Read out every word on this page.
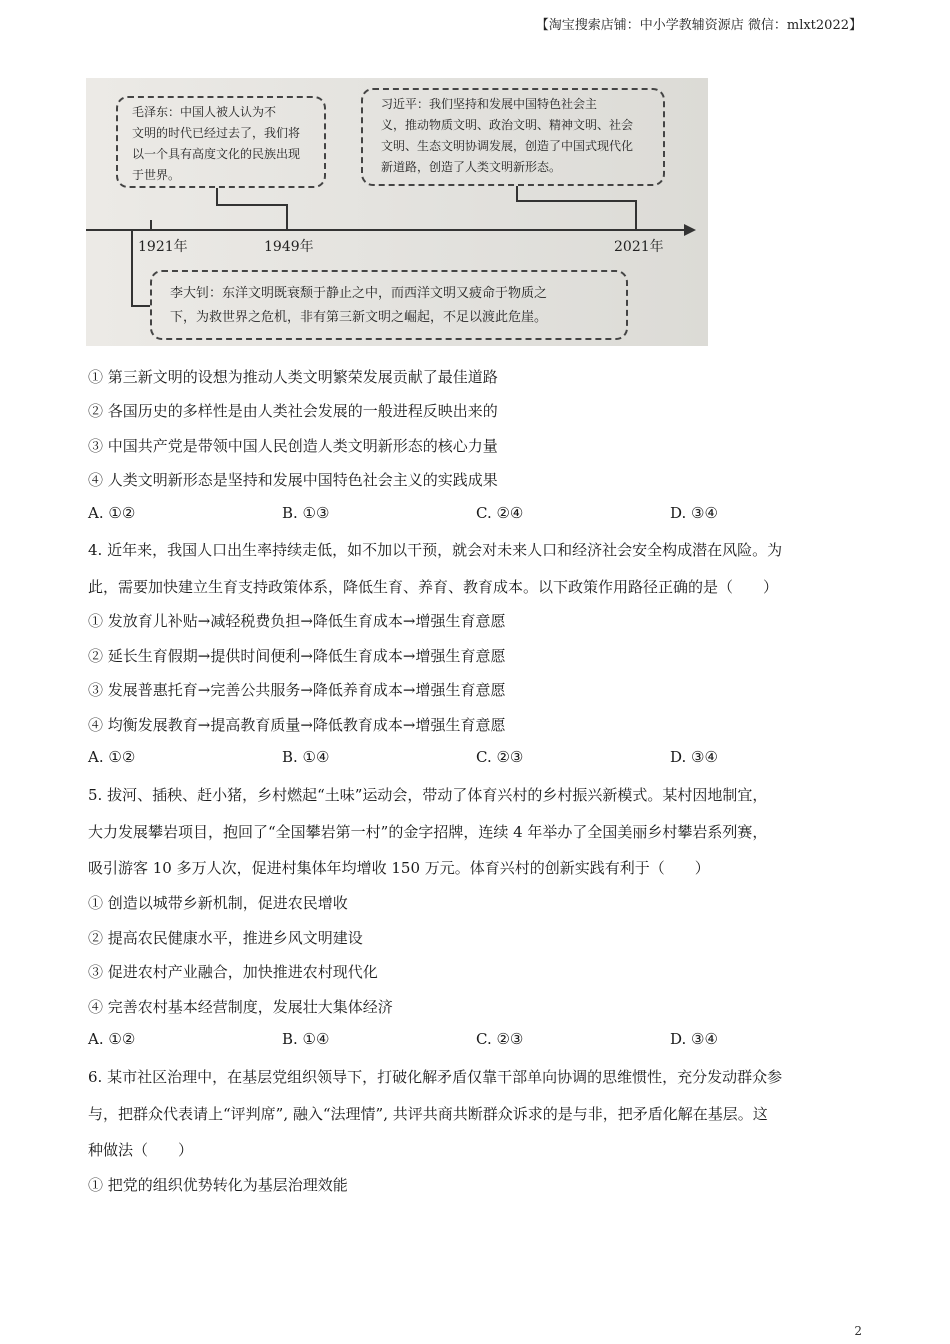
【淘宝搜索店铺：中小学教辅资源店 微信：mlxt2022】
毛泽东：中国人被人认为不
文明的时代已经过去了，我们将
以一个具有高度文化的民族出现
于世界。
习近平：我们坚持和发展中国特色社会主
义，推动物质文明、政治文明、精神文明、社会
文明、生态文明协调发展，创造了中国式现代化
新道路，创造了人类文明新形态。
1921年	1949年	2021年
李大钊：东洋文明既衰颓于静止之中，而西洋文明又疲命于物质之
下，为救世界之危机，非有第三新文明之崛起，不足以渡此危崖。
① 第三新文明的设想为推动人类文明繁荣发展贡献了最佳道路
② 各国历史的多样性是由人类社会发展的一般进程反映出来的
③ 中国共产党是带领中国人民创造人类文明新形态的核心力量
④ 人类文明新形态是坚持和发展中国特色社会主义的实践成果
A. ①②	B. ①③	C. ②④	D. ③④
4. 近年来，我国人口出生率持续走低，如不加以干预，就会对未来人口和经济社会安全构成潜在风险。为
此，需要加快建立生育支持政策体系，降低生育、养育、教育成本。以下政策作用路径正确的是（　　）
① 发放育儿补贴→减轻税费负担→降低生育成本→增强生育意愿
② 延长生育假期→提供时间便利→降低生育成本→增强生育意愿
③ 发展普惠托育→完善公共服务→降低养育成本→增强生育意愿
④ 均衡发展教育→提高教育质量→降低教育成本→增强生育意愿
A. ①②	B. ①④	C. ②③	D. ③④
5. 拔河、插秧、赶小猪，乡村燃起“土味”运动会，带动了体育兴村的乡村振兴新模式。某村因地制宜，
大力发展攀岩项目，抱回了“全国攀岩第一村”的金字招牌，连续 4 年举办了全国美丽乡村攀岩系列赛，
吸引游客 10 多万人次，促进村集体年均增收 150 万元。体育兴村的创新实践有利于（　　）
① 创造以城带乡新机制，促进农民增收
② 提高农民健康水平，推进乡风文明建设
③ 促进农村产业融合，加快推进农村现代化
④ 完善农村基本经营制度，发展壮大集体经济
A. ①②	B. ①④	C. ②③	D. ③④
6. 某市社区治理中，在基层党组织领导下，打破化解矛盾仅靠干部单向协调的思维惯性，充分发动群众参
与，把群众代表请上“评判席”, 融入“法理情”, 共评共商共断群众诉求的是与非，把矛盾化解在基层。这
种做法（　　）
① 把党的组织优势转化为基层治理效能
2
